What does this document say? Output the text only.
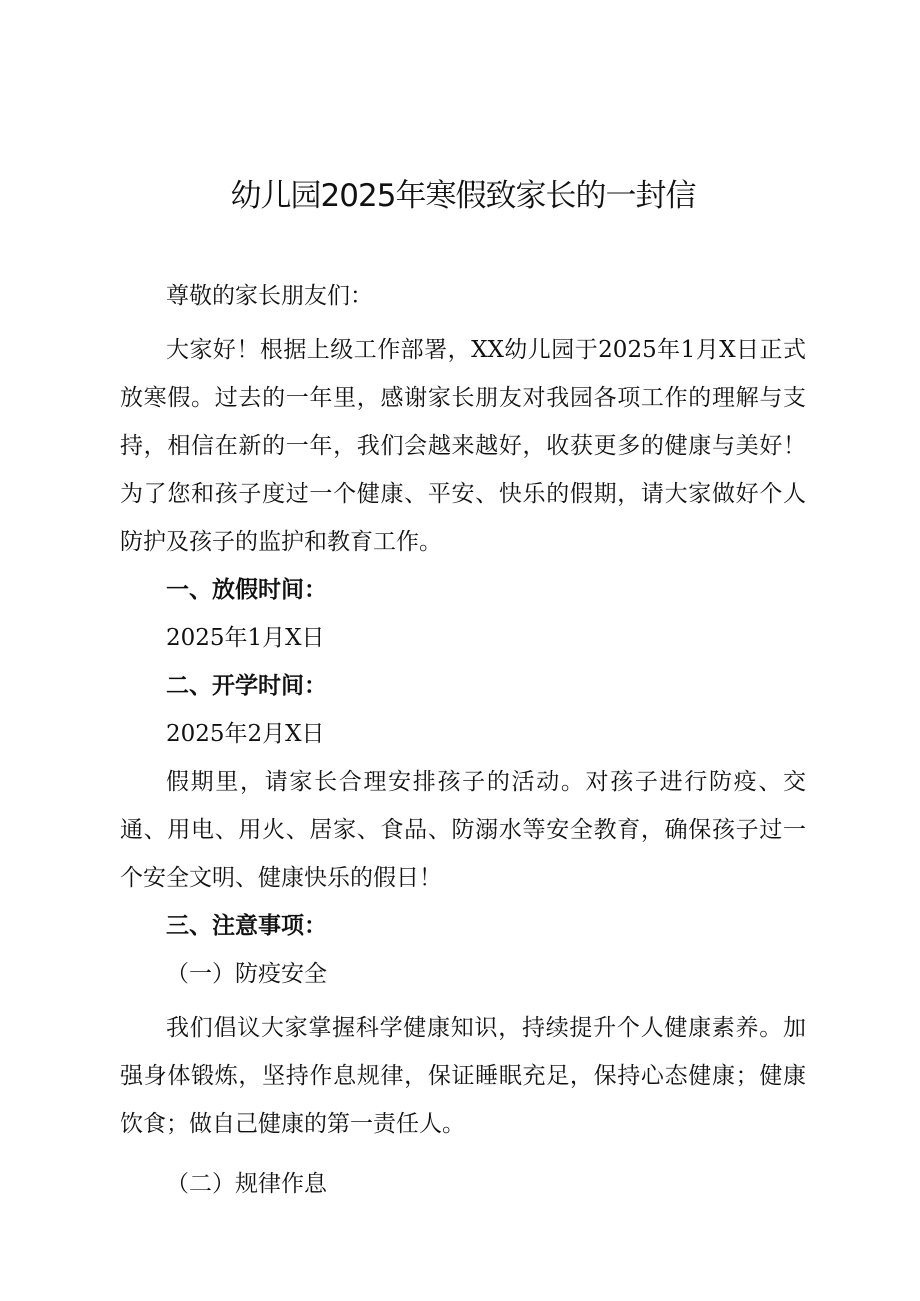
幼儿园2025年寒假致家长的一封信

尊敬的家长朋友们：

大家好！根据上级工作部署，XX幼儿园于2025年1月X日正式放寒假。过去的一年里，感谢家长朋友对我园各项工作的理解与支持，相信在新的一年，我们会越来越好，收获更多的健康与美好！为了您和孩子度过一个健康、平安、快乐的假期，请大家做好个人防护及孩子的监护和教育工作。

一、放假时间：

2025年1月X日

二、开学时间：

2025年2月X日

假期里，请家长合理安排孩子的活动。对孩子进行防疫、交通、用电、用火、居家、食品、防溺水等安全教育，确保孩子过一个安全文明、健康快乐的假日！

三、注意事项：

（一）防疫安全

我们倡议大家掌握科学健康知识，持续提升个人健康素养。加强身体锻炼，坚持作息规律，保证睡眠充足，保持心态健康；健康饮食；做自己健康的第一责任人。

（二）规律作息
